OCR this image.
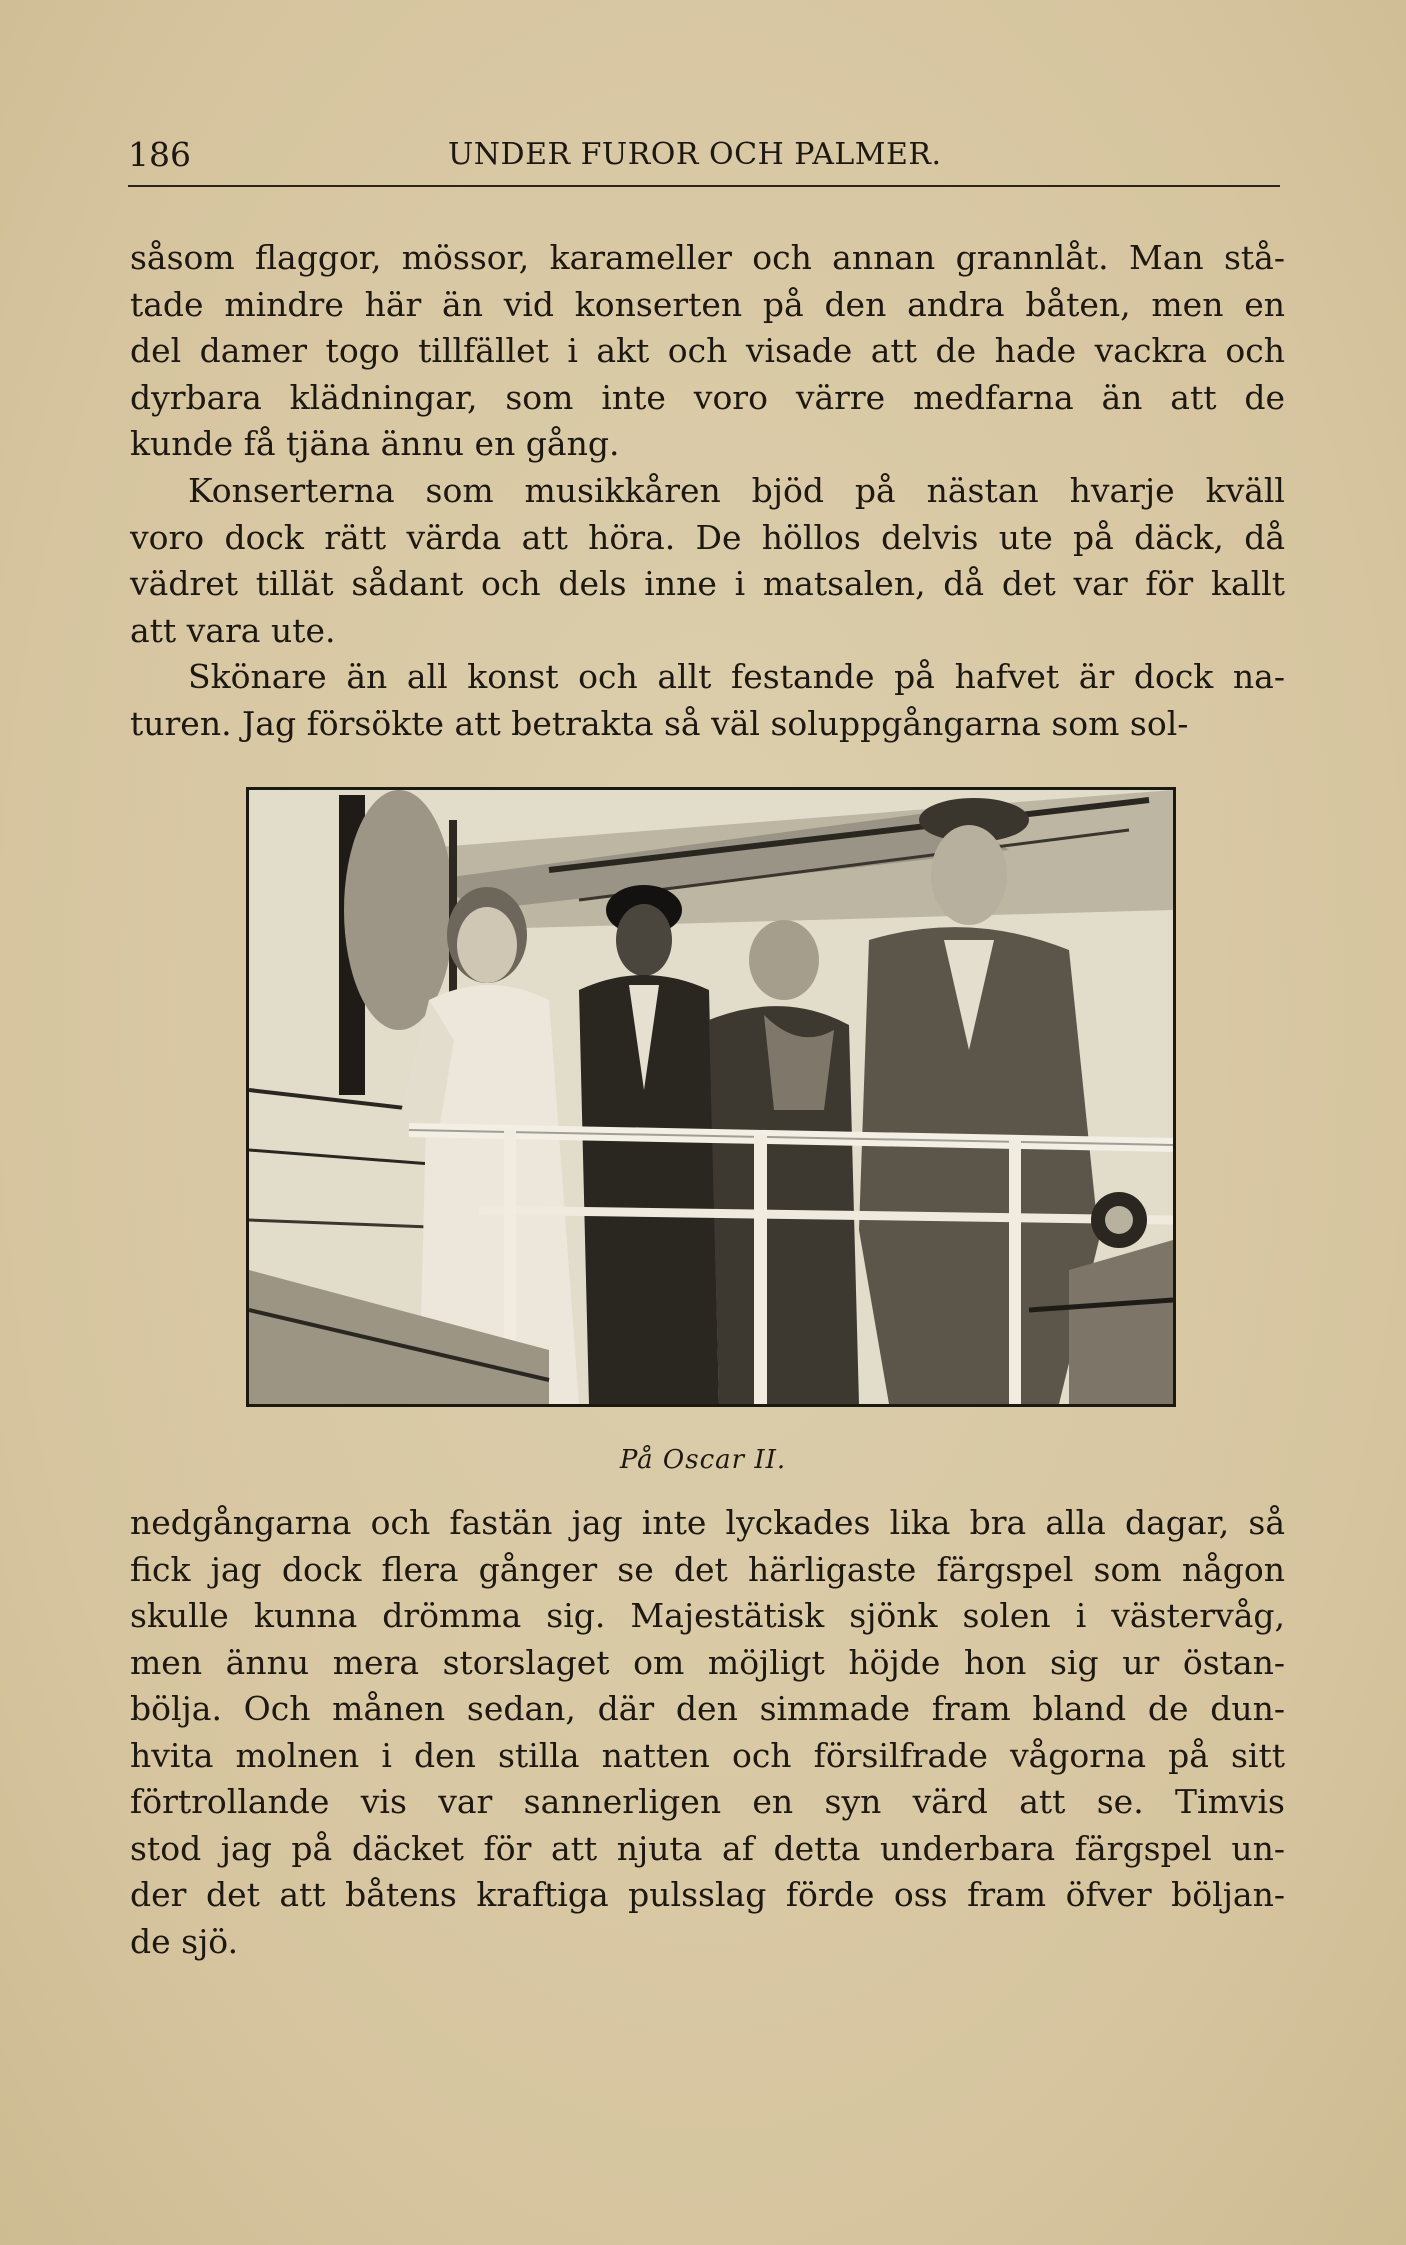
186	UNDER FUROR OCH PALMER.

såsom flaggor, mössor, karameller och annan grannlåt. Man stå-
tade mindre här än vid konserten på den andra båten, men en
del damer togo tillfället i akt och visade att de hade vackra och
dyrbara klädningar, som inte voro värre medfarna än att de
kunde få tjäna ännu en gång.

Konserterna som musikkåren bjöd på nästan hvarje kväll
voro dock rätt värda att höra. De höllos delvis ute på däck, då
vädret tillät sådant och dels inne i matsalen, då det var för kallt
att vara ute.

Skönare än all konst och allt festande på hafvet är dock na-
turen. Jag försökte att betrakta så väl soluppgångarna som sol-

På Oscar II.

nedgångarna och fastän jag inte lyckades lika bra alla dagar, så
fick jag dock flera gånger se det härligaste färgspel som någon
skulle kunna drömma sig. Majestätisk sjönk solen i västervåg,
men ännu mera storslaget om möjligt höjde hon sig ur östan-
bölja. Och månen sedan, där den simmade fram bland de dun-
hvita molnen i den stilla natten och försilfrade vågorna på sitt
förtrollande vis var sannerligen en syn värd att se. Timvis
stod jag på däcket för att njuta af detta underbara färgspel un-
der det att båtens kraftiga pulsslag förde oss fram öfver böljan-
de sjö.
